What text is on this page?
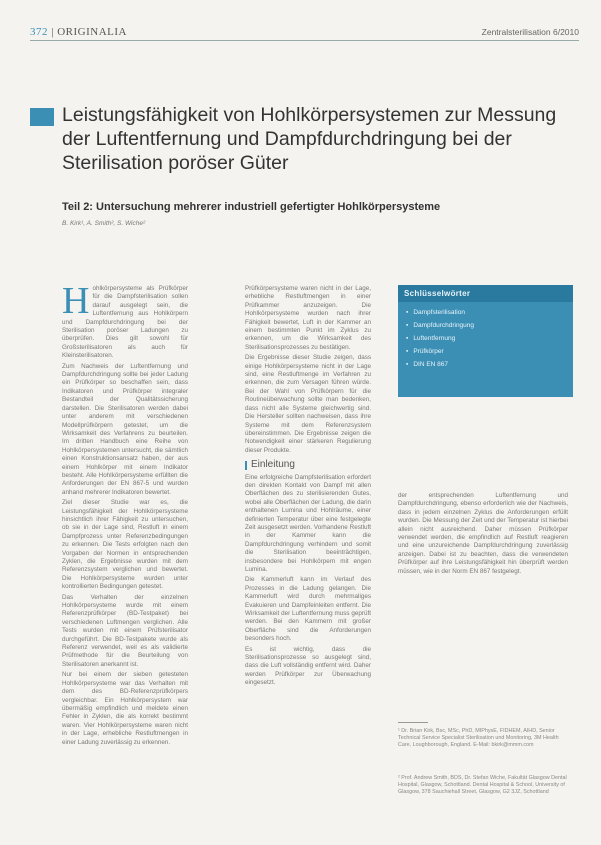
372 | ORIGINALIA	Zentralsterilisation 6/2010
Leistungsfähigkeit von Hohlkörpersystemen zur Messung der Luftentfernung und Dampfdurchdringung bei der Sterilisation poröser Güter
Teil 2: Untersuchung mehrerer industriell gefertigter Hohlkörpersysteme
B. Kirk¹, A. Smith², S. Wiche²
H ohlkörpersysteme als Prüfkörper für die Dampfsterilisation sollen darauf ausgelegt sein, die Luftentfernung aus Hohlkörpern und Dampfdurchdringung bei der Sterilisation poröser Ladungen zu überprüfen. Dies gilt sowohl für Großsterilisatoren als auch für Kleinsterilisatoren.

Zum Nachweis der Luftentfernung und Dampfdurchdringung sollte bei jeder Ladung ein Prüfkörper so beschaffen sein, dass Indikatoren und Prüfkörper integraler Bestandteil der Qualitätssicherung darstellen. Die Sterilisatoren werden dabei unter anderem mit verschiedenen Modellprüfkörpern getestet, um die Wirksamkeit des Verfahrens zu beurteilen. Im dritten Handbuch eine Reihe von Hohlkörpersystemen untersucht, die sämtlich einen Konstruktionsansatz haben, der aus einem Hohlkörper mit einem Indikator besteht. Alle Hohlkörpersysteme erfüllten die Anforderungen der EN 867-5 und wurden anhand mehrerer Indikatoren bewertet.

Ziel dieser Studie war es, die Leistungsfähigkeit der Hohlkörpersysteme hinsichtlich ihrer Fähigkeit zu untersuchen, ob sie in der Lage sind, Restluft in einem Dampfprozess unter Referenzbedingungen zu erkennen. Die Tests erfolgten nach den Vorgaben der Normen in entsprechenden Zyklen, die Ergebnisse wurden mit dem Referenzsystem verglichen und bewertet. Die Hohlkörpersysteme wurden unter kontrollierten Bedingungen getestet.

Das Verhalten der einzelnen Hohlkörpersysteme wurde mit einem Referenzprüfkörper (BD-Testpaket) bei verschiedenen Luftmengen verglichen. Alle Tests wurden mit einem Prüfsterilisator durchgeführt. Die BD-Testpakete wurde als Referenz verwendet, weil es als validierte Prüfmethode für die Beurteilung von Sterilisatoren anerkannt ist.

Nur bei einem der sieben getesteten Hohlkörpersysteme war das Verhalten mit dem des BD-Referenzprüfkörpers vergleichbar. Ein Hohlkörpersystem war übermäßig empfindlich und meldete einen Fehler in Zyklen, die als korrekt bestimmt waren. Vier Hohlkörpersysteme waren nicht in der Lage, erhebliche Restluftmengen in einer Ladung zuverlässig zu erkennen.

Prüfkörpersysteme waren nicht in der Lage, erhebliche Restluftmengen in einer Prüfkammer anzuzeigen. Die Hohlkörpersysteme wurden nach ihrer Fähigkeit bewertet, Luft in der Kammer an einem bestimmten Punkt im Zyklus zu erkennen, um die Wirksamkeit des Sterilisationsprozesses zu bestätigen.

Die Ergebnisse dieser Studie zeigen, dass einige Hohlkörpersysteme nicht in der Lage sind, eine Restluftmenge im Verfahren zu erkennen, die zum Versagen führen würde. Bei der Wahl von Prüfkörpern für die Routineüberwachung sollte man bedenken, dass nicht alle Systeme gleichwertig sind. Die Hersteller sollten nachweisen, dass ihre Systeme mit dem Referenzsystem übereinstimmen. Die Ergebnisse zeigen die Notwendigkeit einer stärkeren Regulierung dieser Produkte.

Einleitung

Eine erfolgreiche Dampfsterilisation erfordert den direkten Kontakt von Dampf mit allen Oberflächen des zu sterilisierenden Gutes, wobei alle Oberflächen der Ladung, die darin enthaltenen Lumina und Hohlräume, einer definierten Temperatur über eine festgelegte Zeit ausgesetzt werden. Vorhandene Restluft in der Kammer kann die Dampfdurchdringung verhindern und somit die Sterilisation beeinträchtigen, insbesondere bei Hohlkörpern mit engen Lumina.

Die Kammerluft kann im Verlauf des Prozesses in die Ladung gelangen. Die Kammerluft wird durch mehrmaliges Evakuieren und Dampfeinleiten entfernt. Die Wirksamkeit der Luftentfernung muss geprüft werden. Bei den Kammern mit großer Oberfläche sind die Anforderungen besonders hoch.

Es ist wichtig, dass die Sterilisationsprozesse so ausgelegt sind, dass die Luft vollständig entfernt wird. Daher werden Prüfkörper zur Überwachung eingesetzt.

Schlüsselwörter
▪ Dampfsterilisation
▪ Dampfdurchdringung
▪ Luftentfernung
▪ Prüfkörper
▪ DIN EN 867

der entsprechenden Luftentfernung und Dampfdurchdringung, ebenso erforderlich wie der Nachweis, dass in jedem einzelnen Zyklus die Anforderungen erfüllt wurden. Die Messung der Zeit und der Temperatur ist hierbei allein nicht ausreichend. Daher müssen Prüfkörper verwendet werden, die empfindlich auf Restluft reagieren und eine unzureichende Dampfdurchdringung zuverlässig anzeigen. Dabei ist zu beachten, dass die verwendeten Prüfkörper auf ihre Leistungsfähigkeit hin überprüft werden müssen, wie in der Norm EN 867 festgelegt.

¹ Dr. Brian Kirk, Bsc, MSc, PhD, MIPhysE, FIDHEM, AIHD, Senior Technical Service Specialist Sterilisation und Monitoring, 3M Health Care, Loughborough, England. E-Mail: bkirk@mmm.com
² Prof. Andrew Smith, BDS, Dr. Stefan Wiche, Fakultät Glasgow Dental Hospital, Glasgow, Schottland. Dental Hospital & School, University of Glasgow, 378 Sauchiehall Street, Glasgow, G2 3JZ, Schottland
